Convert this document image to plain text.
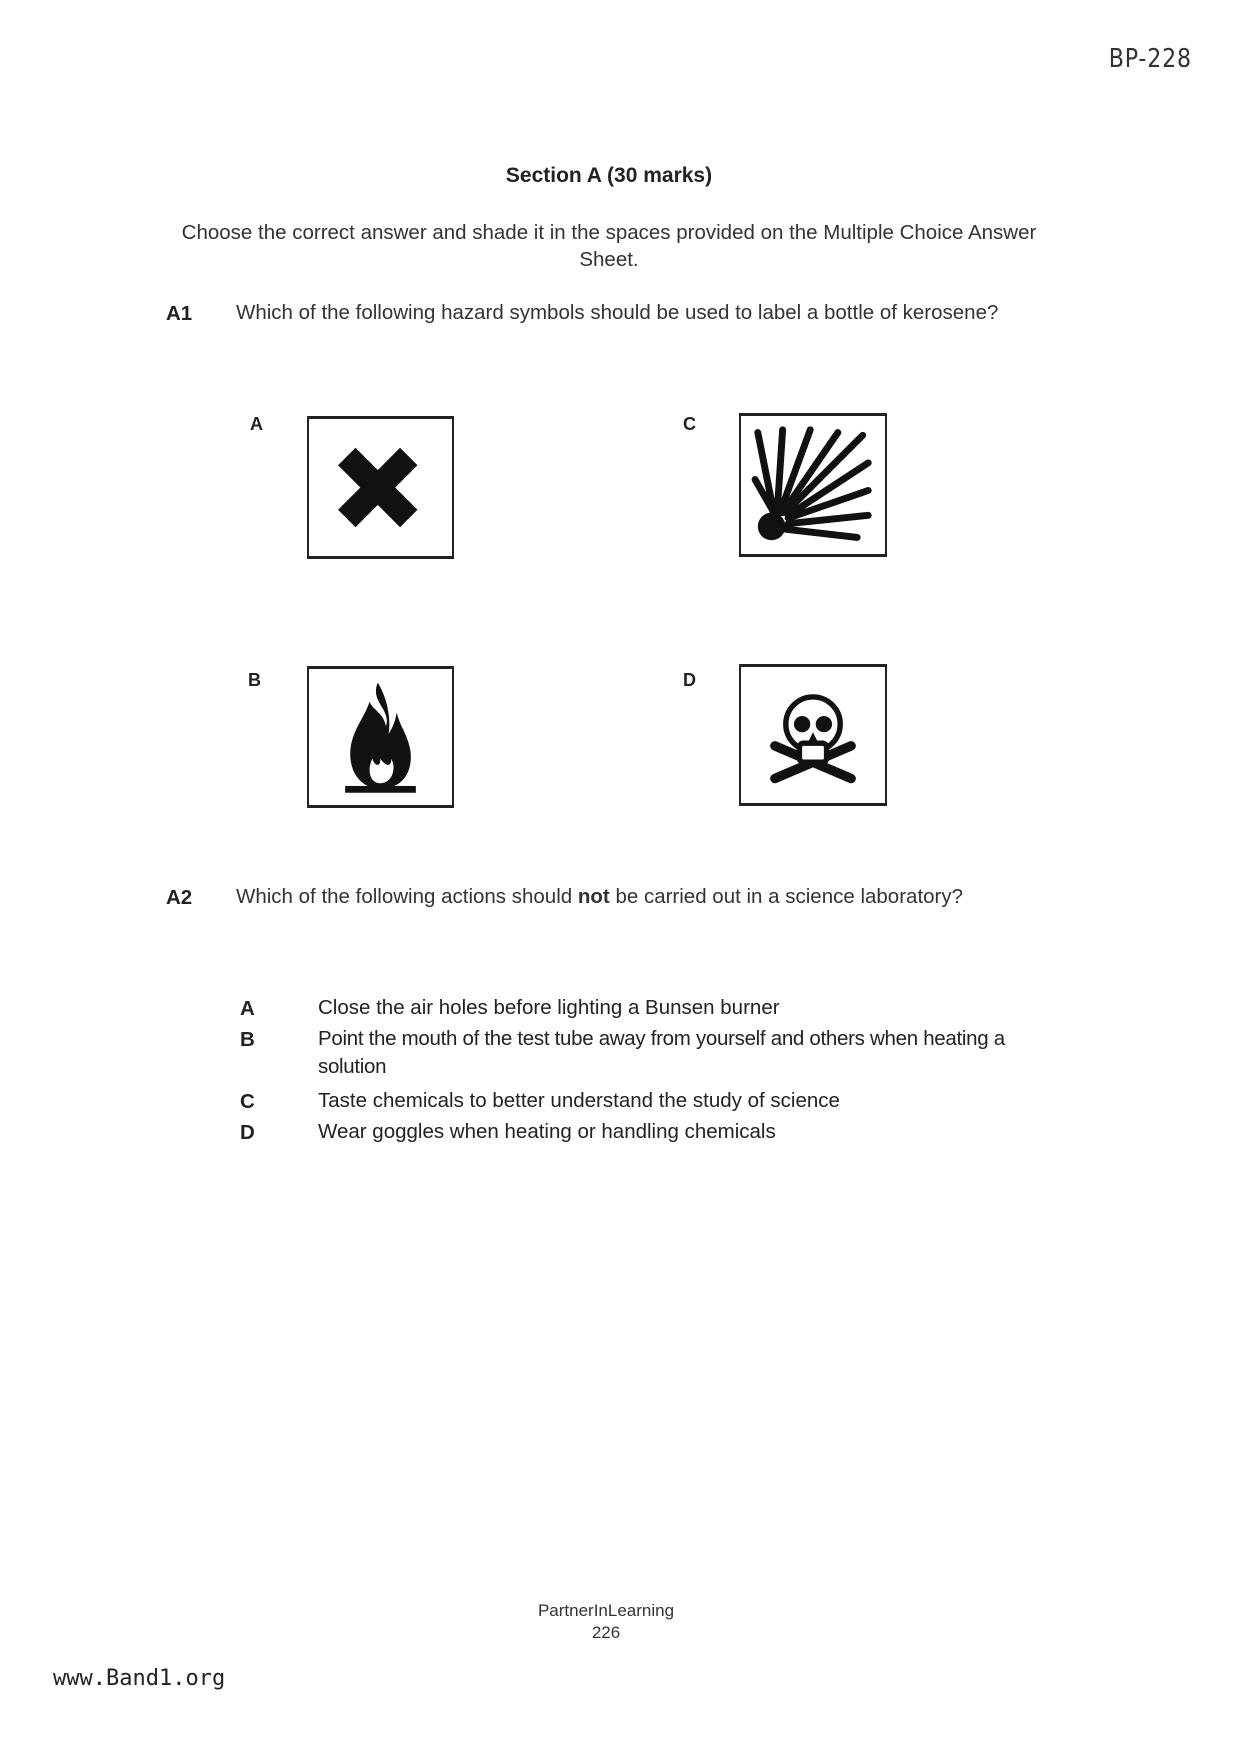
BP-228
Section A (30 marks)
Choose the correct answer and shade it in the spaces provided on the Multiple Choice Answer Sheet.
A1 Which of the following hazard symbols should be used to label a bottle of kerosene?
A	C
B	D
A2 Which of the following actions should not be carried out in a science laboratory?
A	Close the air holes before lighting a Bunsen burner
B	Point the mouth of the test tube away from yourself and others when heating a solution
C	Taste chemicals to better understand the study of science
D	Wear goggles when heating or handling chemicals
PartnerInLearning
226
www.Band1.org
